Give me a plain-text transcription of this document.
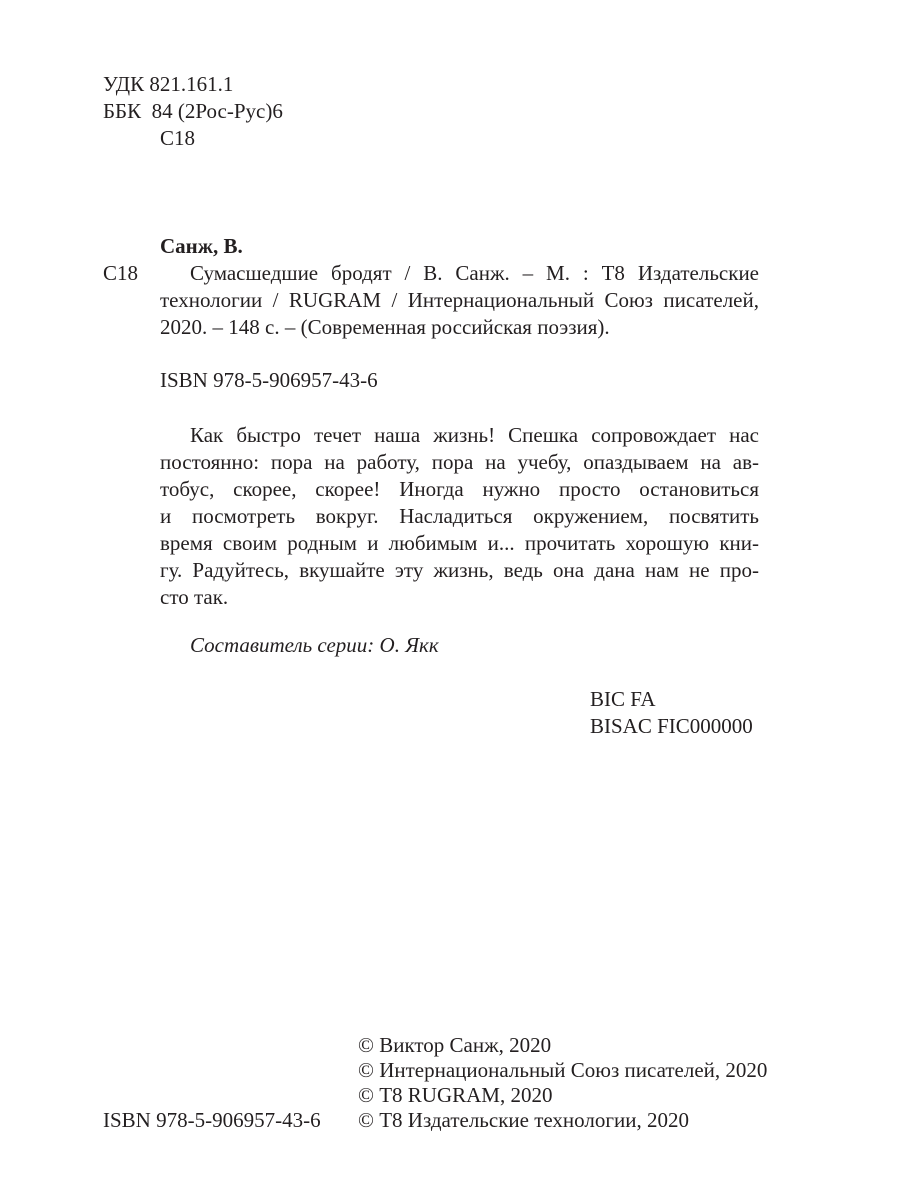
УДК 821.161.1
ББК  84 (2Рос-Рус)6
С18
Санж, В.
С18 Сумасшедшие бродят / В. Санж. – М. : Т8 Издательские
технологии / RUGRAM / Интернациональный Союз писателей,
2020. – 148 с. – (Современная российская поэзия).
ISBN 978-5-906957-43-6
Как быстро течет наша жизнь! Спешка сопровождает нас
постоянно: пора на работу, пора на учебу, опаздываем на ав-
тобус, скорее, скорее! Иногда нужно просто остановиться
и посмотреть вокруг. Насладиться окружением, посвятить
время своим родным и любимым и... прочитать хорошую кни-
гу. Радуйтесь, вкушайте эту жизнь, ведь она дана нам не про-
сто так.
Составитель серии: О. Якк
BIC FA
BISAC FIC000000
© Виктор Санж, 2020
© Интернациональный Союз писателей, 2020
© Т8 RUGRAM, 2020
© Т8 Издательские технологии, 2020
ISBN 978-5-906957-43-6
